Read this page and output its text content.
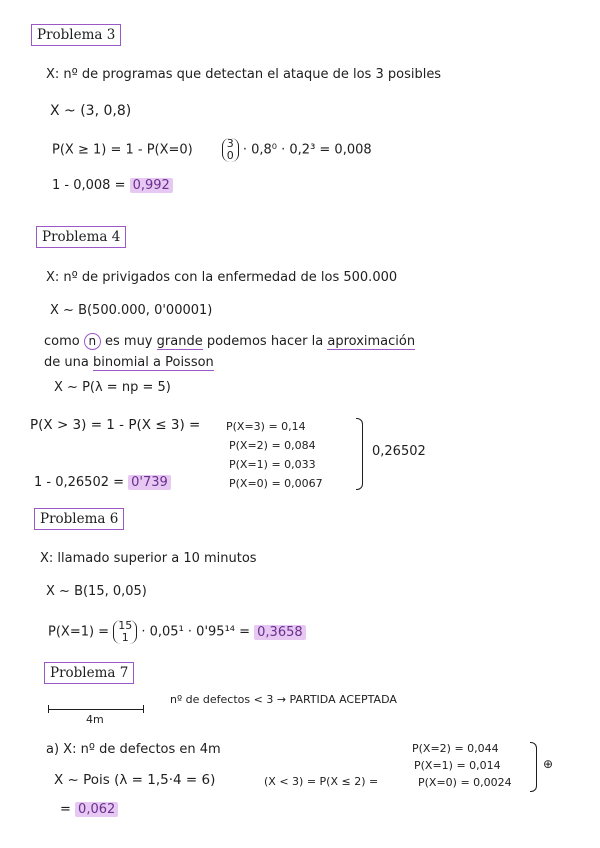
Problema 3
X: nº de programas que detectan el ataque de los 3 posibles
X ~ (3, 0,8)
P(X ≥ 1) = 1 - P(X=0)	3
0 · 0,8⁰ · 0,2³ = 0,008
1 - 0,008 = 0,992
Problema 4
X: nº de privigados con la enfermedad de los 500.000
X ~ B(500.000, 0'00001)
como n es muy grande podemos hacer la aproximación
de una binomial a Poisson
X ~ P(λ = np = 5)
P(X > 3) = 1 - P(X ≤ 3) = P(X=3) = 0,14
P(X=2) = 0,084
P(X=1) = 0,033
P(X=0) = 0,0067
0,26502
1 - 0,26502 = 0'739
Problema 6
X: llamado superior a 10 minutos
X ~ B(15, 0,05)
P(X=1) = 15
1 · 0,05¹ · 0'95¹⁴ = 0,3658
Problema 7
nº de defectos < 3 → PARTIDA ACEPTADA
4m
a) X: nº de defectos en 4m
X ~ Pois (λ = 1,5·4 = 6)	(X < 3) = P(X ≤ 2) =
P(X=2) = 0,044
P(X=1) = 0,014
P(X=0) = 0,0024
⊕
= 0,062
